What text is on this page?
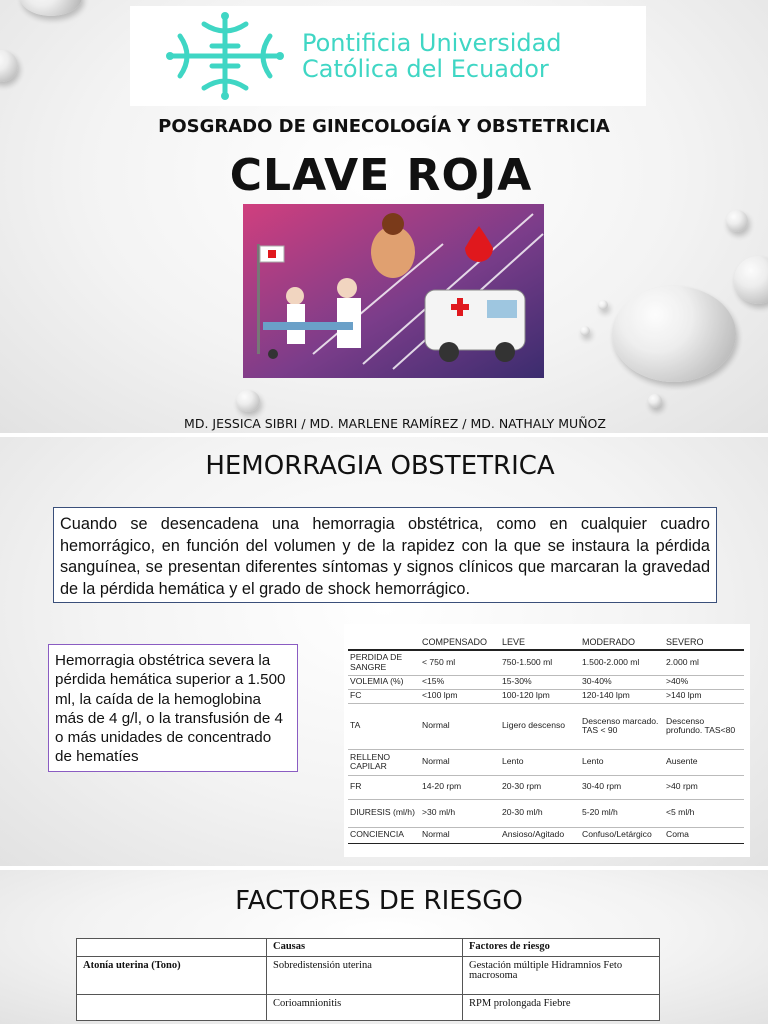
Pontificia Universidad
Católica del Ecuador
POSGRADO DE GINECOLOGÍA Y OBSTETRICIA
CLAVE ROJA
MD. JESSICA SIBRI / MD. MARLENE RAMÍREZ / MD. NATHALY MUÑOZ
HEMORRAGIA OBSTETRICA
Cuando se desencadena una hemorragia obstétrica, como en cualquier cuadro hemorrágico, en función del volumen y de la rapidez con la que se instaura la pérdida sanguínea, se presentan diferentes síntomas y signos clínicos que marcaran la gravedad de la pérdida hemática y el grado de shock hemorrágico.
Hemorragia obstétrica severa la pérdida hemática superior a 1.500 ml, la caída de la hemoglobina más de 4 g/l, o la transfusión de 4 o más unidades de concentrado de hematíes
	COMPENSADO	LEVE	MODERADO	SEVERO
PERDIDA DE SANGRE	< 750 ml	750-1.500 ml	1.500-2.000 ml	2.000 ml
VOLEMIA (%)	<15%	15-30%	30-40%	>40%
FC	<100 lpm	100-120 lpm	120-140 lpm	>140 lpm
TA	Normal	Ligero descenso	Descenso marcado. TAS < 90	Descenso profundo. TAS<80
RELLENO CAPILAR	Normal	Lento	Lento	Ausente
FR	14-20 rpm	20-30 rpm	30-40 rpm	>40 rpm
DIURESIS (ml/h)	>30 ml/h	20-30 ml/h	5-20 ml/h	<5 ml/h
CONCIENCIA	Normal	Ansioso/Agitado	Confuso/Letárgico	Coma
FACTORES DE RIESGO
	Causas	Factores de riesgo
Atonía uterina (Tono)	Sobredistensión uterina	Gestación múltiple Hidramnios Feto macrosoma
	Corioamnionitis	RPM prolongada Fiebre
